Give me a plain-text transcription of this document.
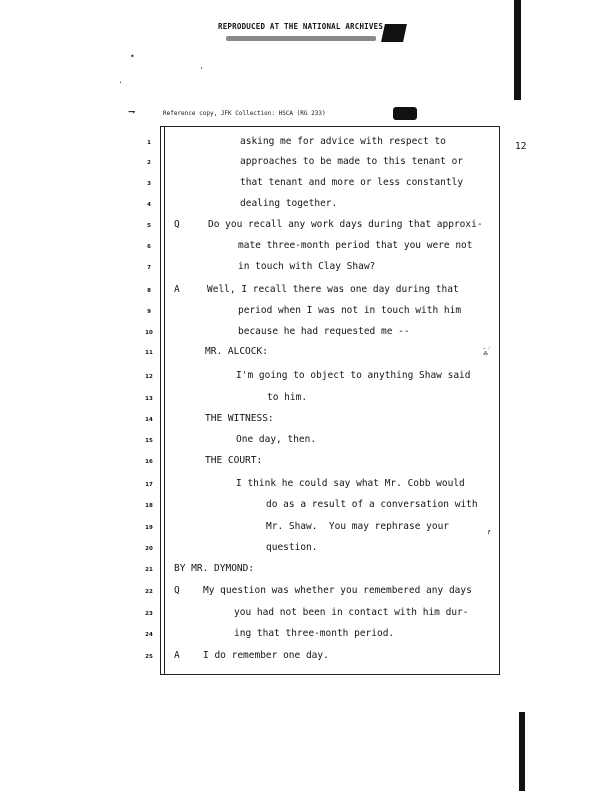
REPRODUCED AT THE NATIONAL ARCHIVES
•
'
·
⇁	Reference copy, JFK Collection: HSCA (RG 233)
12
1	asking me for advice with respect to
2	approaches to be made to this tenant or
3	that tenant and more or less constantly
4	dealing together.
5	Q	Do you recall any work days during that approxi-
6	mate three-month period that you were not
7	in touch with Clay Shaw?
8	A	Well, I recall there was one day during that
9	period when I was not in touch with him
10	because he had requested me --
11	MR. ALCOCK:
12	I'm going to object to anything Shaw said
13	to him.
14	THE WITNESS:
15	One day, then.
16	THE COURT:
17	I think he could say what Mr. Cobb would
18	do as a result of a conversation with
19	Mr. Shaw.  You may rephrase your
20	question.
21	BY MR. DYMOND:
22	Q My question was whether you remembered any days
23	you had not been in contact with him dur-
24	ing that three-month period.
25	A I do remember one day.
⁃ ⁄
⁂
↗
